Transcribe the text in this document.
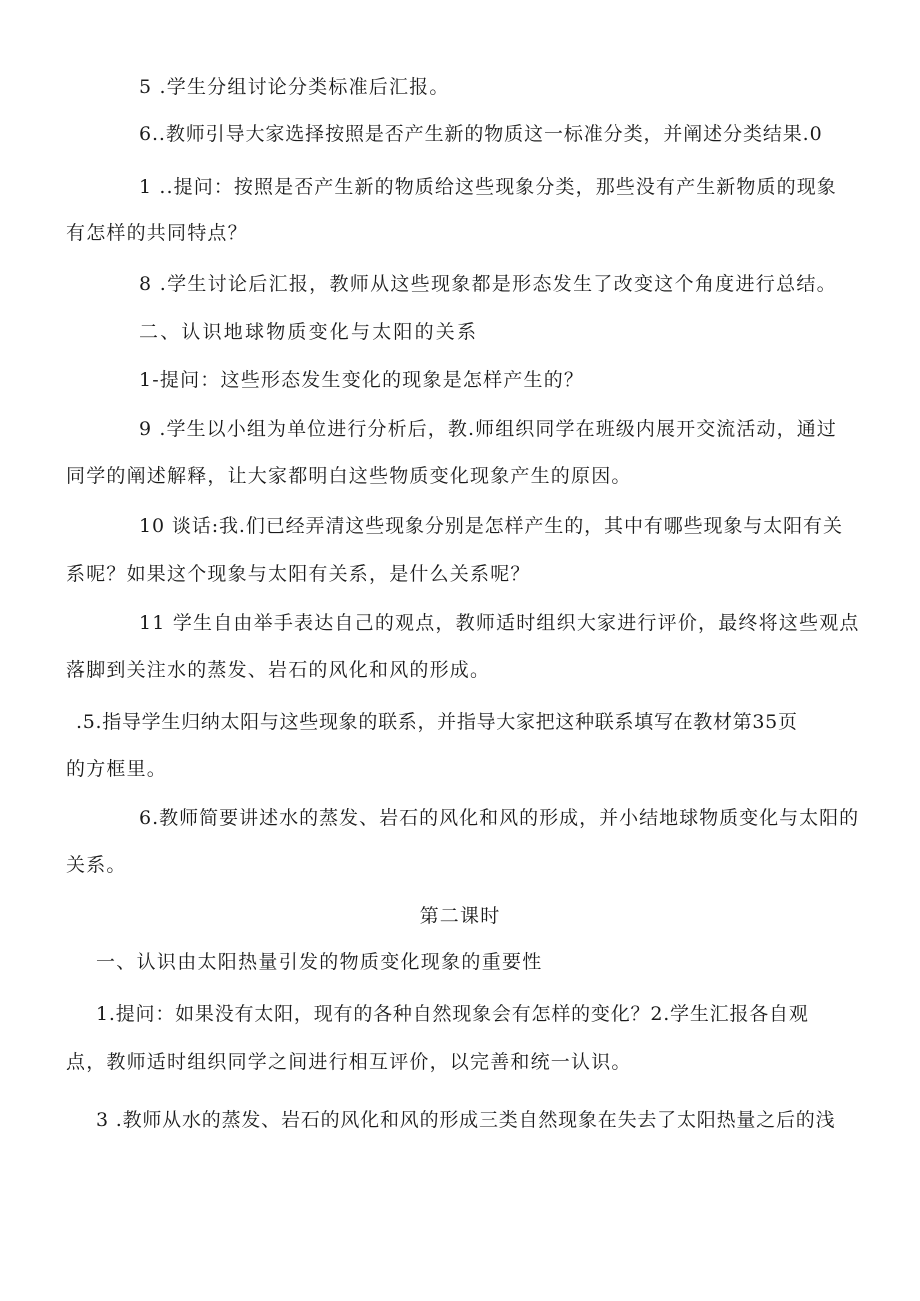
5 .学生分组讨论分类标准后汇报。
6..教师引导大家选择按照是否产生新的物质这一标准分类，并阐述分类结果.0
1 ..提问：按照是否产生新的物质给这些现象分类，那些没有产生新物质的现象
有怎样的共同特点？
8 .学生讨论后汇报，教师从这些现象都是形态发生了改变这个角度进行总结。
二、认识地球物质变化与太阳的关系
1-提问：这些形态发生变化的现象是怎样产生的？
9 .学生以小组为单位进行分析后，教.师组织同学在班级内展开交流活动，通过
同学的阐述解释，让大家都明白这些物质变化现象产生的原因。
10 谈话:我.们已经弄清这些现象分别是怎样产生的，其中有哪些现象与太阳有关
系呢？如果这个现象与太阳有关系，是什么关系呢？
11 学生自由举手表达自己的观点，教师适时组织大家进行评价，最终将这些观点
落脚到关注水的蒸发、岩石的风化和风的形成。
.5.指导学生归纳太阳与这些现象的联系，并指导大家把这种联系填写在教材第35页
的方框里。
6.教师简要讲述水的蒸发、岩石的风化和风的形成，并小结地球物质变化与太阳的
关系。
第二课时
一、认识由太阳热量引发的物质变化现象的重要性
1.提问：如果没有太阳，现有的各种自然现象会有怎样的变化？2.学生汇报各自观
点，教师适时组织同学之间进行相互评价，以完善和统一认识。
3 .教师从水的蒸发、岩石的风化和风的形成三类自然现象在失去了太阳热量之后的浅
